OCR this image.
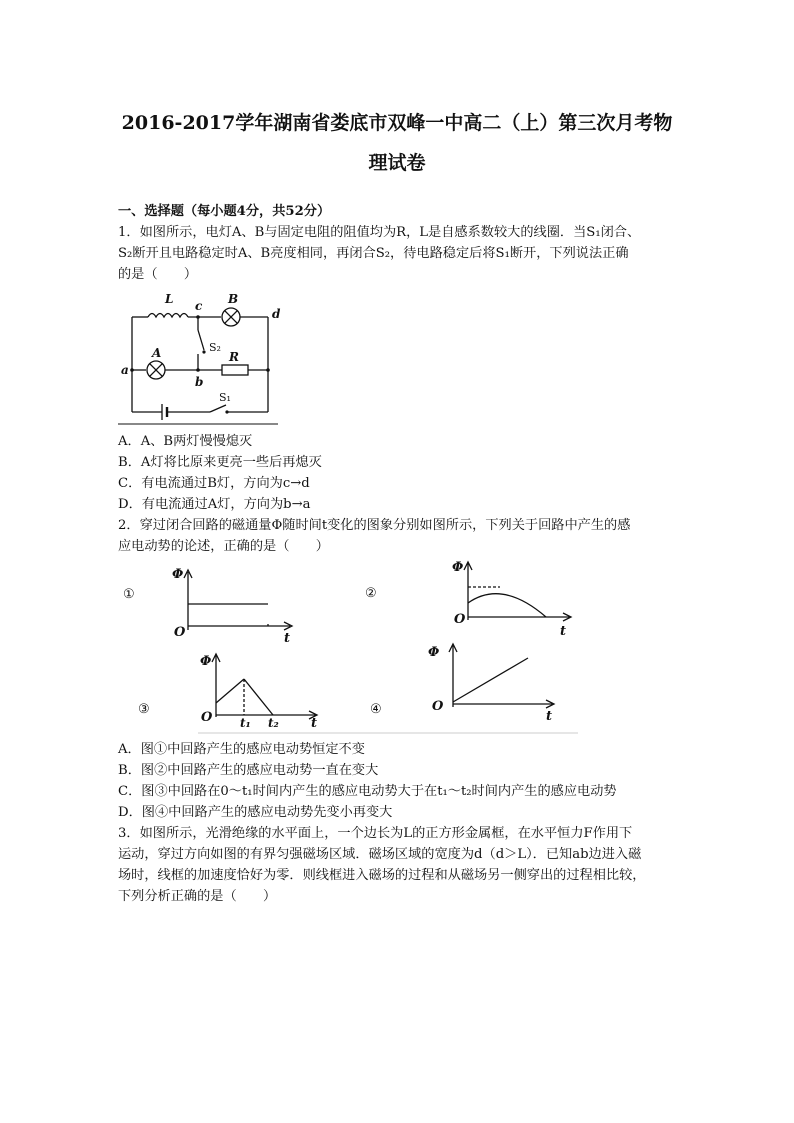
2016-2017学年湖南省娄底市双峰一中高二（上）第三次月考物
理试卷
一、选择题（每小题4分，共52分）
1．如图所示，电灯A、B与固定电阻的阻值均为R，L是自感系数较大的线圈．当S₁闭合、
S₂断开且电路稳定时A、B亮度相同，再闭合S₂，待电路稳定后将S₁断开，下列说法正确
的是（　　）
L c B
d
S₂
A	R
a
b
S₁
A．A、B两灯慢慢熄灭
B．A灯将比原来更亮一些后再熄灭
C．有电流通过B灯，方向为c→d
D．有电流通过A灯，方向为b→a
2．穿过闭合回路的磁通量Φ随时间t变化的图象分别如图所示，下列关于回路中产生的感
应电动势的论述，正确的是（　　）
①
Φ
O	t
②
Φ
O
t
③
Φ
O t₁ t₂ t
④
Φ
O
t
A．图①中回路产生的感应电动势恒定不变
B．图②中回路产生的感应电动势一直在变大
C．图③中回路在0～t₁时间内产生的感应电动势大于在t₁～t₂时间内产生的感应电动势
D．图④中回路产生的感应电动势先变小再变大
3．如图所示，光滑绝缘的水平面上，一个边长为L的正方形金属框，在水平恒力F作用下
运动，穿过方向如图的有界匀强磁场区域．磁场区域的宽度为d（d＞L）．已知ab边进入磁
场时，线框的加速度恰好为零．则线框进入磁场的过程和从磁场另一侧穿出的过程相比较，
下列分析正确的是（　　）
